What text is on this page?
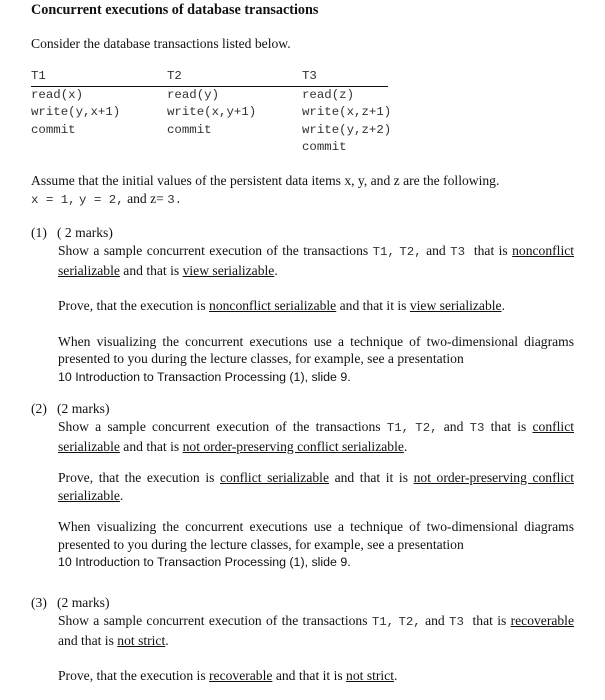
Concurrent executions of database transactions

Consider the database transactions listed below.

T1
read(x)
write(y,x+1)
commit
T2
read(y)
write(x,y+1)
commit
T3
read(z)
write(x,z+1)
write(y,z+2)
commit

Assume that the initial values of the persistent data items x, y, and z are the following.
x = 1, y = 2, and z= 3.

(1) ( 2 marks)

Show a sample concurrent execution of the transactions T1, T2, and T3 that is nonconflict serializable and that is view serializable.

Prove, that the execution is nonconflict serializable and that it is view serializable.

When visualizing the concurrent executions use a technique of two-dimensional diagrams presented to you during the lecture classes, for example, see a presentation
10 Introduction to Transaction Processing (1), slide 9.

(2) (2 marks)

Show a sample concurrent execution of the transactions T1, T2, and T3 that is conflict serializable and that is not order-preserving conflict serializable.

Prove, that the execution is conflict serializable and that it is not order-preserving conflict serializable.

When visualizing the concurrent executions use a technique of two-dimensional diagrams presented to you during the lecture classes, for example, see a presentation
10 Introduction to Transaction Processing (1), slide 9.

(3) (2 marks)

Show a sample concurrent execution of the transactions T1, T2, and T3 that is recoverable and that is not strict.

Prove, that the execution is recoverable and that it is not strict.
